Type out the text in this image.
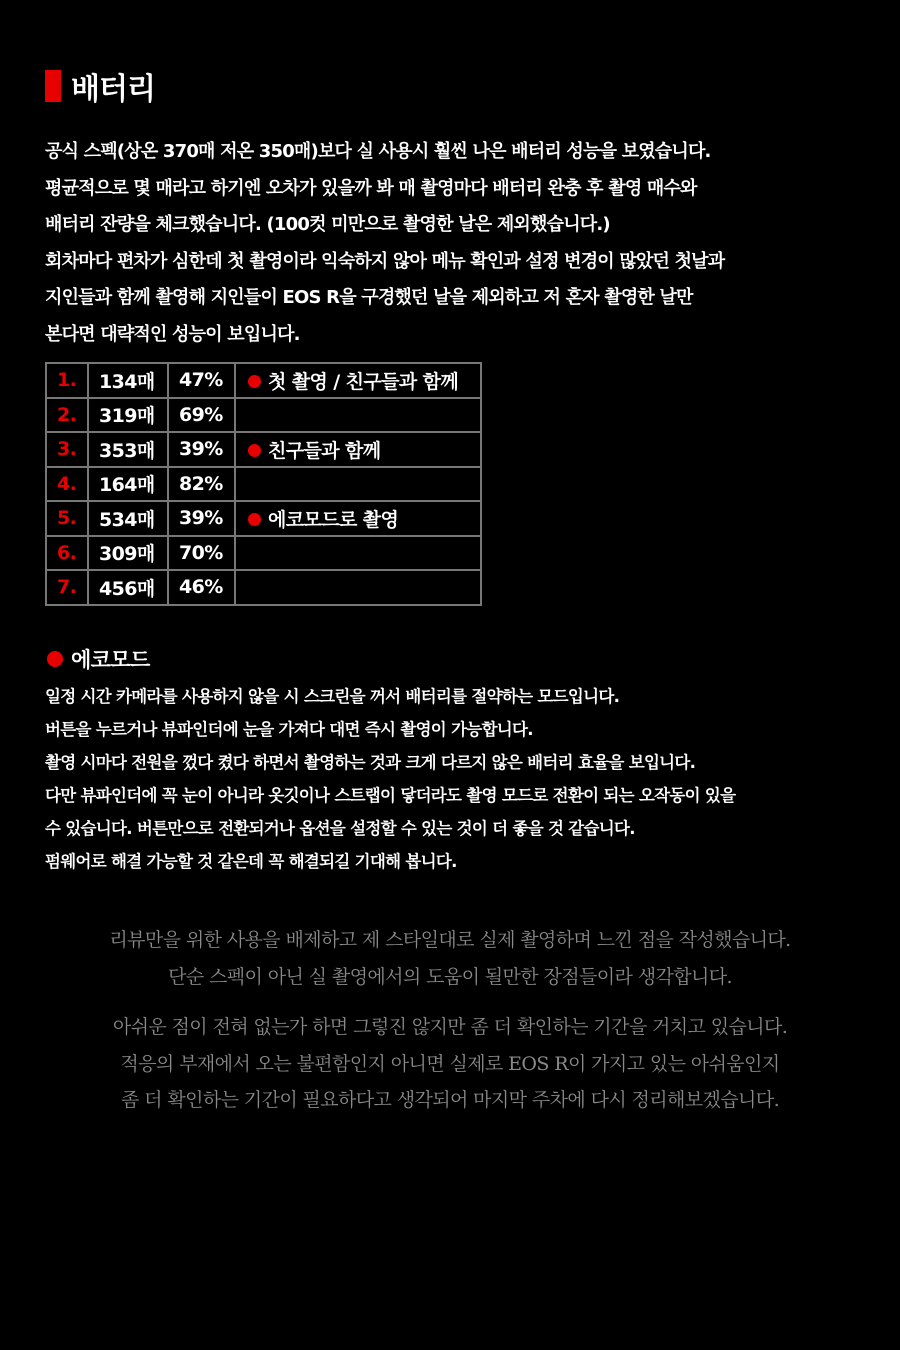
배터리

공식 스펙(상온 370매 저온 350매)보다 실 사용시 훨씬 나은 배터리 성능을 보였습니다.

평균적으로 몇 매라고 하기엔 오차가 있을까 봐 매 촬영마다 배터리 완충 후 촬영 매수와

배터리 잔량을 체크했습니다. (100컷 미만으로 촬영한 날은 제외했습니다.)

회차마다 편차가 심한데 첫 촬영이라 익숙하지 않아 메뉴 확인과 설정 변경이 많았던 첫날과

지인들과 함께 촬영해 지인들이 EOS R을 구경했던 날을 제외하고 저 혼자 촬영한 날만

본다면 대략적인 성능이 보입니다.

1.	134매	47%	첫 촬영 / 친구들과 함께
2.	319매	69%	
3.	353매	39%	친구들과 함께
4.	164매	82%	
5.	534매	39%	에코모드로 촬영
6.	309매	70%	
7.	456매	46%	
에코모드

일정 시간 카메라를 사용하지 않을 시 스크린을 꺼서 배터리를 절약하는 모드입니다.

버튼을 누르거나 뷰파인더에 눈을 가져다 대면 즉시 촬영이 가능합니다.

촬영 시마다 전원을 껐다 켰다 하면서 촬영하는 것과 크게 다르지 않은 배터리 효율을 보입니다.

다만 뷰파인더에 꼭 눈이 아니라 옷깃이나 스트랩이 닿더라도 촬영 모드로 전환이 되는 오작동이 있을

수 있습니다. 버튼만으로 전환되거나 옵션을 설정할 수 있는 것이 더 좋을 것 같습니다.

펌웨어로 해결 가능할 것 같은데 꼭 해결되길 기대해 봅니다.

리뷰만을 위한 사용을 배제하고 제 스타일대로 실제 촬영하며 느낀 점을 작성했습니다.

단순 스펙이 아닌 실 촬영에서의 도움이 될만한 장점들이라 생각합니다.

아쉬운 점이 전혀 없는가 하면 그렇진 않지만 좀 더 확인하는 기간을 거치고 있습니다.

적응의 부재에서 오는 불편함인지 아니면 실제로 EOS R이 가지고 있는 아쉬움인지

좀 더 확인하는 기간이 필요하다고 생각되어 마지막 주차에 다시 정리해보겠습니다.
